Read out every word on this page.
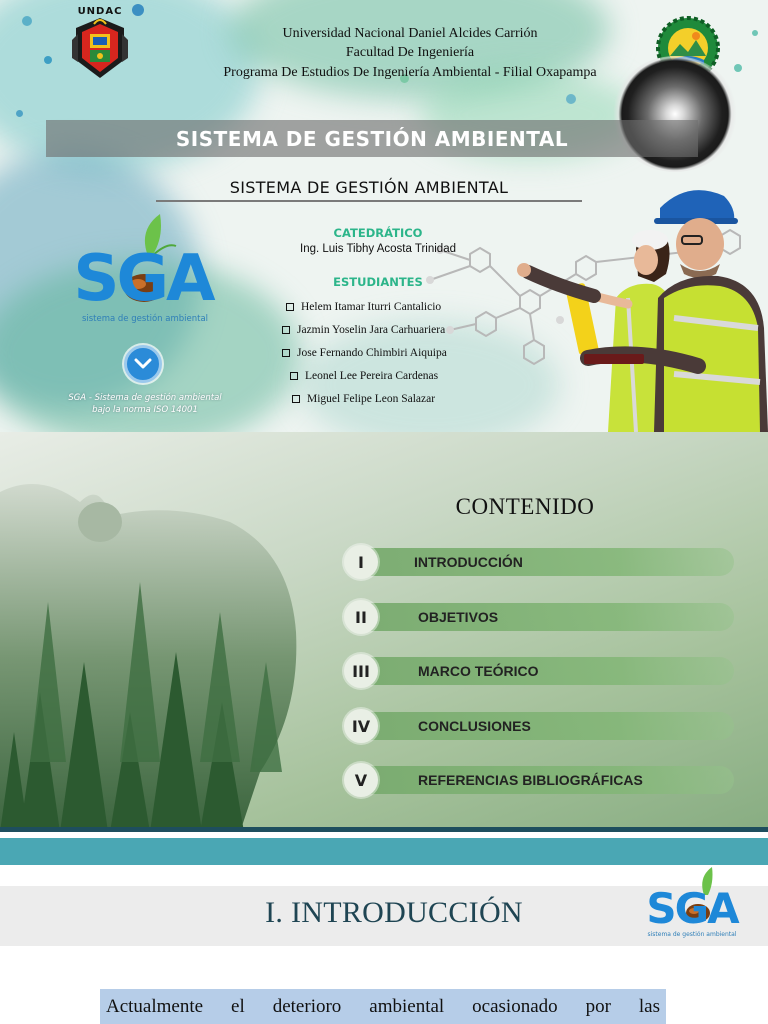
UNDAC
Universidad Nacional Daniel Alcides Carrión
Facultad De Ingeniería
Programa De Estudios De Ingeniería Ambiental - Filial Oxapampa
SISTEMA DE GESTIÓN AMBIENTAL
SISTEMA DE GESTIÓN AMBIENTAL
CATEDRÁTICO
Ing. Luis Tibhy Acosta Trinidad
ESTUDIANTES
Helem Itamar Iturri Cantalicio
Jazmin Yoselin Jara Carhuariera
Jose Fernando Chimbiri Aiquipa
Leonel Lee Pereira Cardenas
Miguel Felipe Leon Salazar
SGA
sistema de gestión ambiental
SGA - Sistema de gestión ambiental
bajo la norma ISO 14001
CONTENIDO
I	INTRODUCCIÓN
II	OBJETIVOS
III	MARCO TEÓRICO
IV	CONCLUSIONES
V	REFERENCIAS BIBLIOGRÁFICAS
I. INTRODUCCIÓN	SGA
sistema de gestión ambiental
Actualmente el deterioro ambiental ocasionado por las
